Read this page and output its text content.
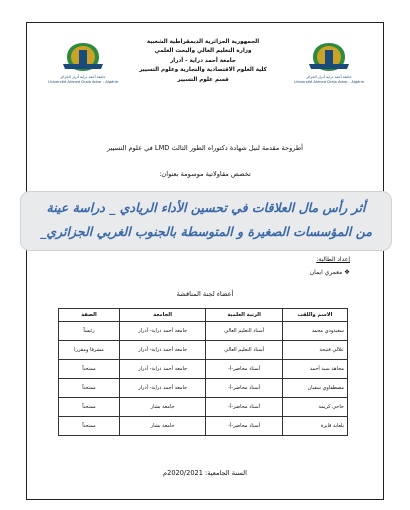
جامعة أحمد دراية أدرار الجزائر
Université Ahmed Draia Adrar - Algérie
جامعة أحمد دراية أدرار الجزائر
Université Ahmed Draia Adrar - Algérie
الجمهورية الجزائرية الديمقراطية الشعبية
وزارة التعليم العالي والبحث العلمي
جامعة أحمد دراية - أدرار
كلية العلوم الاقتصادية والتجارية وعلوم التسيير
قسم علوم التسيير
أطروحة مقدمة لنيل شهادة دكتوراه الطور الثالث LMD في علوم التسيير
تخصص مقاولاتية موسومة بعنوان:
أثر رأس مال العلاقات في تحسين الأداء الريادي _ دراسة عينة
من المؤسسات الصغيرة و المتوسطة بالجنوب الغربي الجزائري_
إعداد الطالبة:
❖ معمري ايمان
أعضاء لجنة المناقشة
الاسم واللقب	الرتبة العلمية	الجامعة	الصفة
سعيدودي محمد	أستاذ التعليم العالي	جامعة أحمد دراية- أدرار	رئيساً
علالي فتيحة	أستاذ التعليم العالي	جامعة أحمد دراية- أدرار	مشرفا ومقررا
مجاهد سيد أحمد	أستاذ محاضر-أ-	جامعة أحمد دراية- أدرار	ممتحناً
مصطفاوي سفيان	أستاذ محاضر-أ-	جامعة أحمد دراية- أدرار	ممتحناً
حاجي كريمة	أستاذ محاضر-أ-	جامعة بشار	ممتحناً
بلعابد فايزة	أستاذ محاضر-أ-	جامعة بشار	ممتحناً
السنة الجامعية: 2020/2021م
